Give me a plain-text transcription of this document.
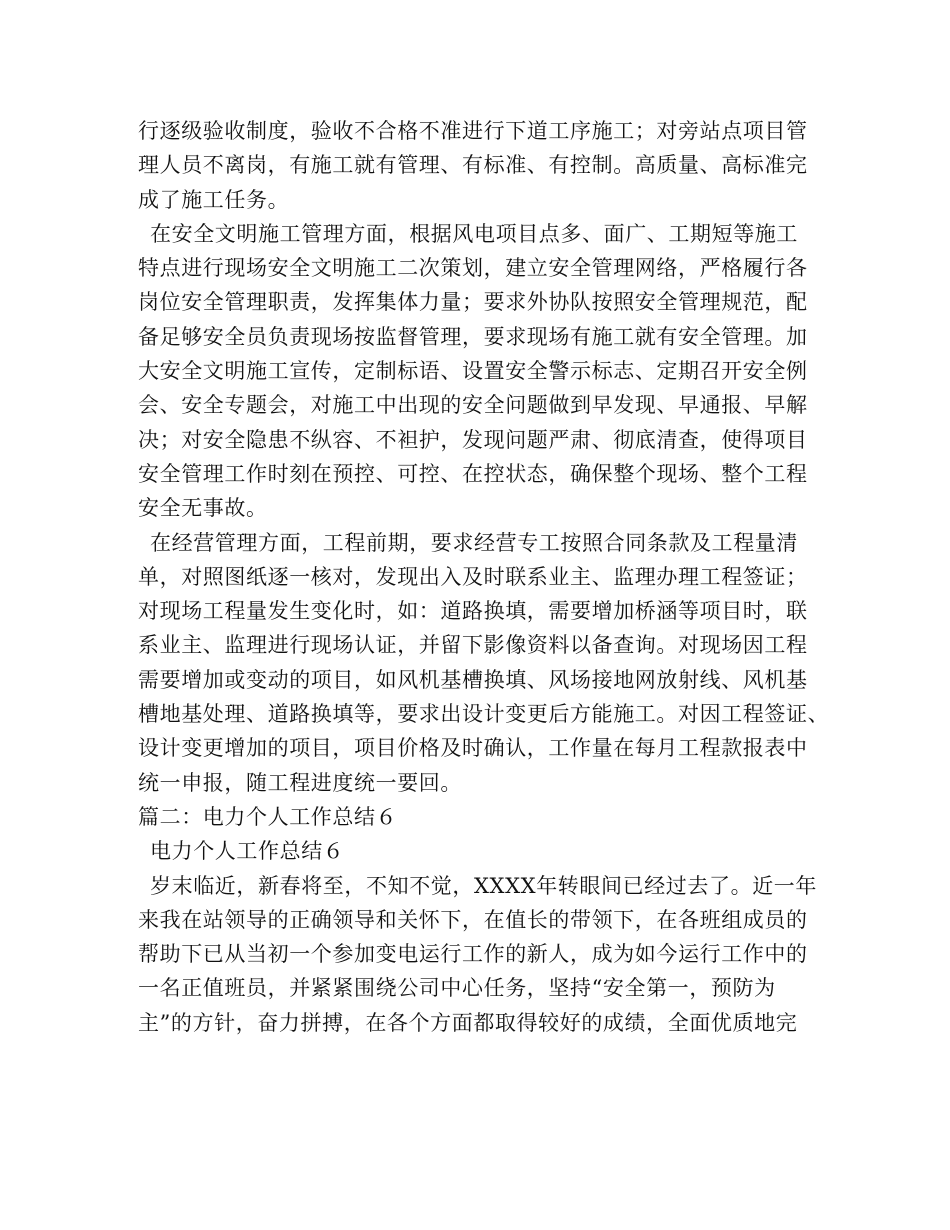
行逐级验收制度，验收不合格不准进行下道工序施工；对旁站点项目管
理人员不离岗，有施工就有管理、有标准、有控制。高质量、高标准完
成了施工任务。
在安全文明施工管理方面，根据风电项目点多、面广、工期短等施工
特点进行现场安全文明施工二次策划，建立安全管理网络，严格履行各
岗位安全管理职责，发挥集体力量；要求外协队按照安全管理规范，配
备足够安全员负责现场按监督管理，要求现场有施工就有安全管理。加
大安全文明施工宣传，定制标语、设置安全警示标志、定期召开安全例
会、安全专题会，对施工中出现的安全问题做到早发现、早通报、早解
决；对安全隐患不纵容、不袒护，发现问题严肃、彻底清查，使得项目
安全管理工作时刻在预控、可控、在控状态，确保整个现场、整个工程
安全无事故。
在经营管理方面，工程前期，要求经营专工按照合同条款及工程量清
单，对照图纸逐一核对，发现出入及时联系业主、监理办理工程签证；
对现场工程量发生变化时，如：道路换填，需要增加桥涵等项目时，联
系业主、监理进行现场认证，并留下影像资料以备查询。对现场因工程
需要增加或变动的项目，如风机基槽换填、风场接地网放射线、风机基
槽地基处理、道路换填等，要求出设计变更后方能施工。对因工程签证、
设计变更增加的项目，项目价格及时确认，工作量在每月工程款报表中
统一申报，随工程进度统一要回。
篇二：电力个人工作总结６
电力个人工作总结６
岁末临近，新春将至，不知不觉，XXXX年转眼间已经过去了。近一年
来我在站领导的正确领导和关怀下，在值长的带领下，在各班组成员的
帮助下已从当初一个参加变电运行工作的新人，成为如今运行工作中的
一名正值班员，并紧紧围绕公司中心任务，坚持“安全第一，预防为
主”的方针，奋力拼搏，在各个方面都取得较好的成绩，全面优质地完
